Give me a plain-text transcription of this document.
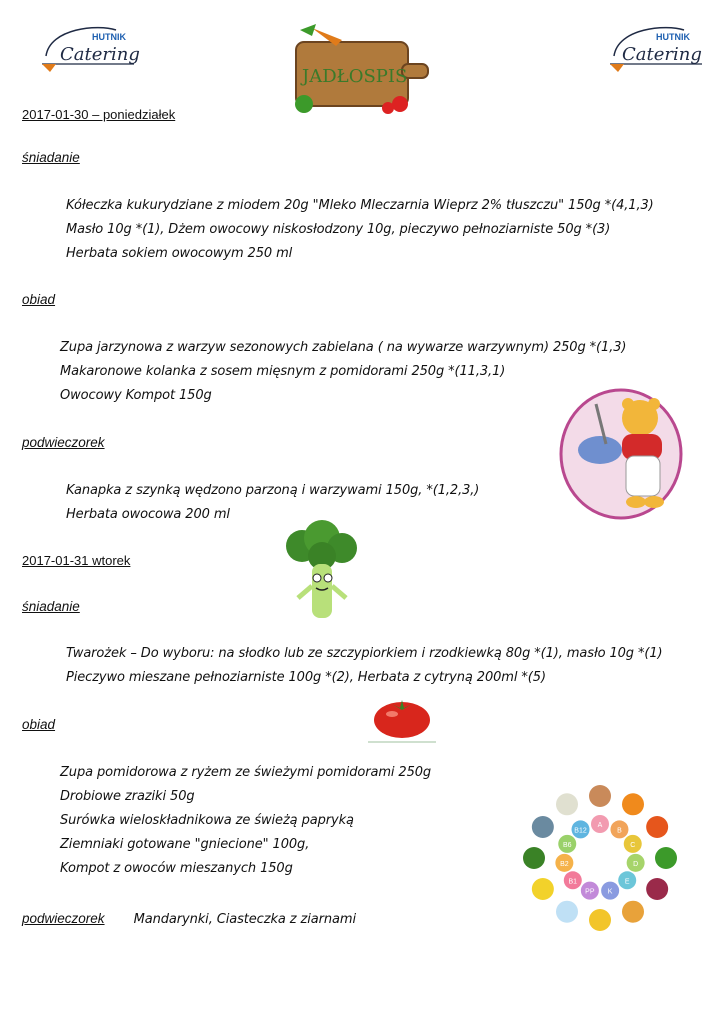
HUTNIK
Catering
HUTNIK
Catering
JADŁOSPIS
2017-01-30 – poniedziałek
śniadanie
Kółeczka kukurydziane z miodem 20g "Mleko Mleczarnia Wieprz 2% tłuszczu" 150g *(4,1,3)
Masło 10g *(1), Dżem owocowy niskosłodzony 10g, pieczywo pełnoziarniste 50g *(3)
Herbata sokiem owocowym 250 ml
obiad
Zupa jarzynowa z warzyw sezonowych zabielana ( na wywarze warzywnym) 250g *(1,3)
Makaronowe kolanka z sosem mięsnym z pomidorami 250g *(11,3,1)
Owocowy Kompot 150g
podwieczorek
Kanapka z szynką wędzono parzoną i warzywami 150g, *(1,2,3,)
Herbata owocowa 200 ml
2017-01-31 wtorek
śniadanie
Twarożek – Do wyboru: na słodko lub ze szczypiorkiem i rzodkiewką 80g *(1), masło 10g *(1)
Pieczywo mieszane pełnoziarniste 100g *(2), Herbata z cytryną 200ml *(5)
obiad
Zupa pomidorowa z ryżem ze świeżymi pomidorami 250g
Drobiowe zraziki 50g
Surówka wieloskładnikowa ze świeżą papryką
Ziemniaki gotowane "gniecione" 100g,
Kompot z owoców mieszanych 150g
A
B
C
D
E
K
PP
B1
B2
B6
B12
podwieczorek Mandarynki, Ciasteczka z ziarnami
